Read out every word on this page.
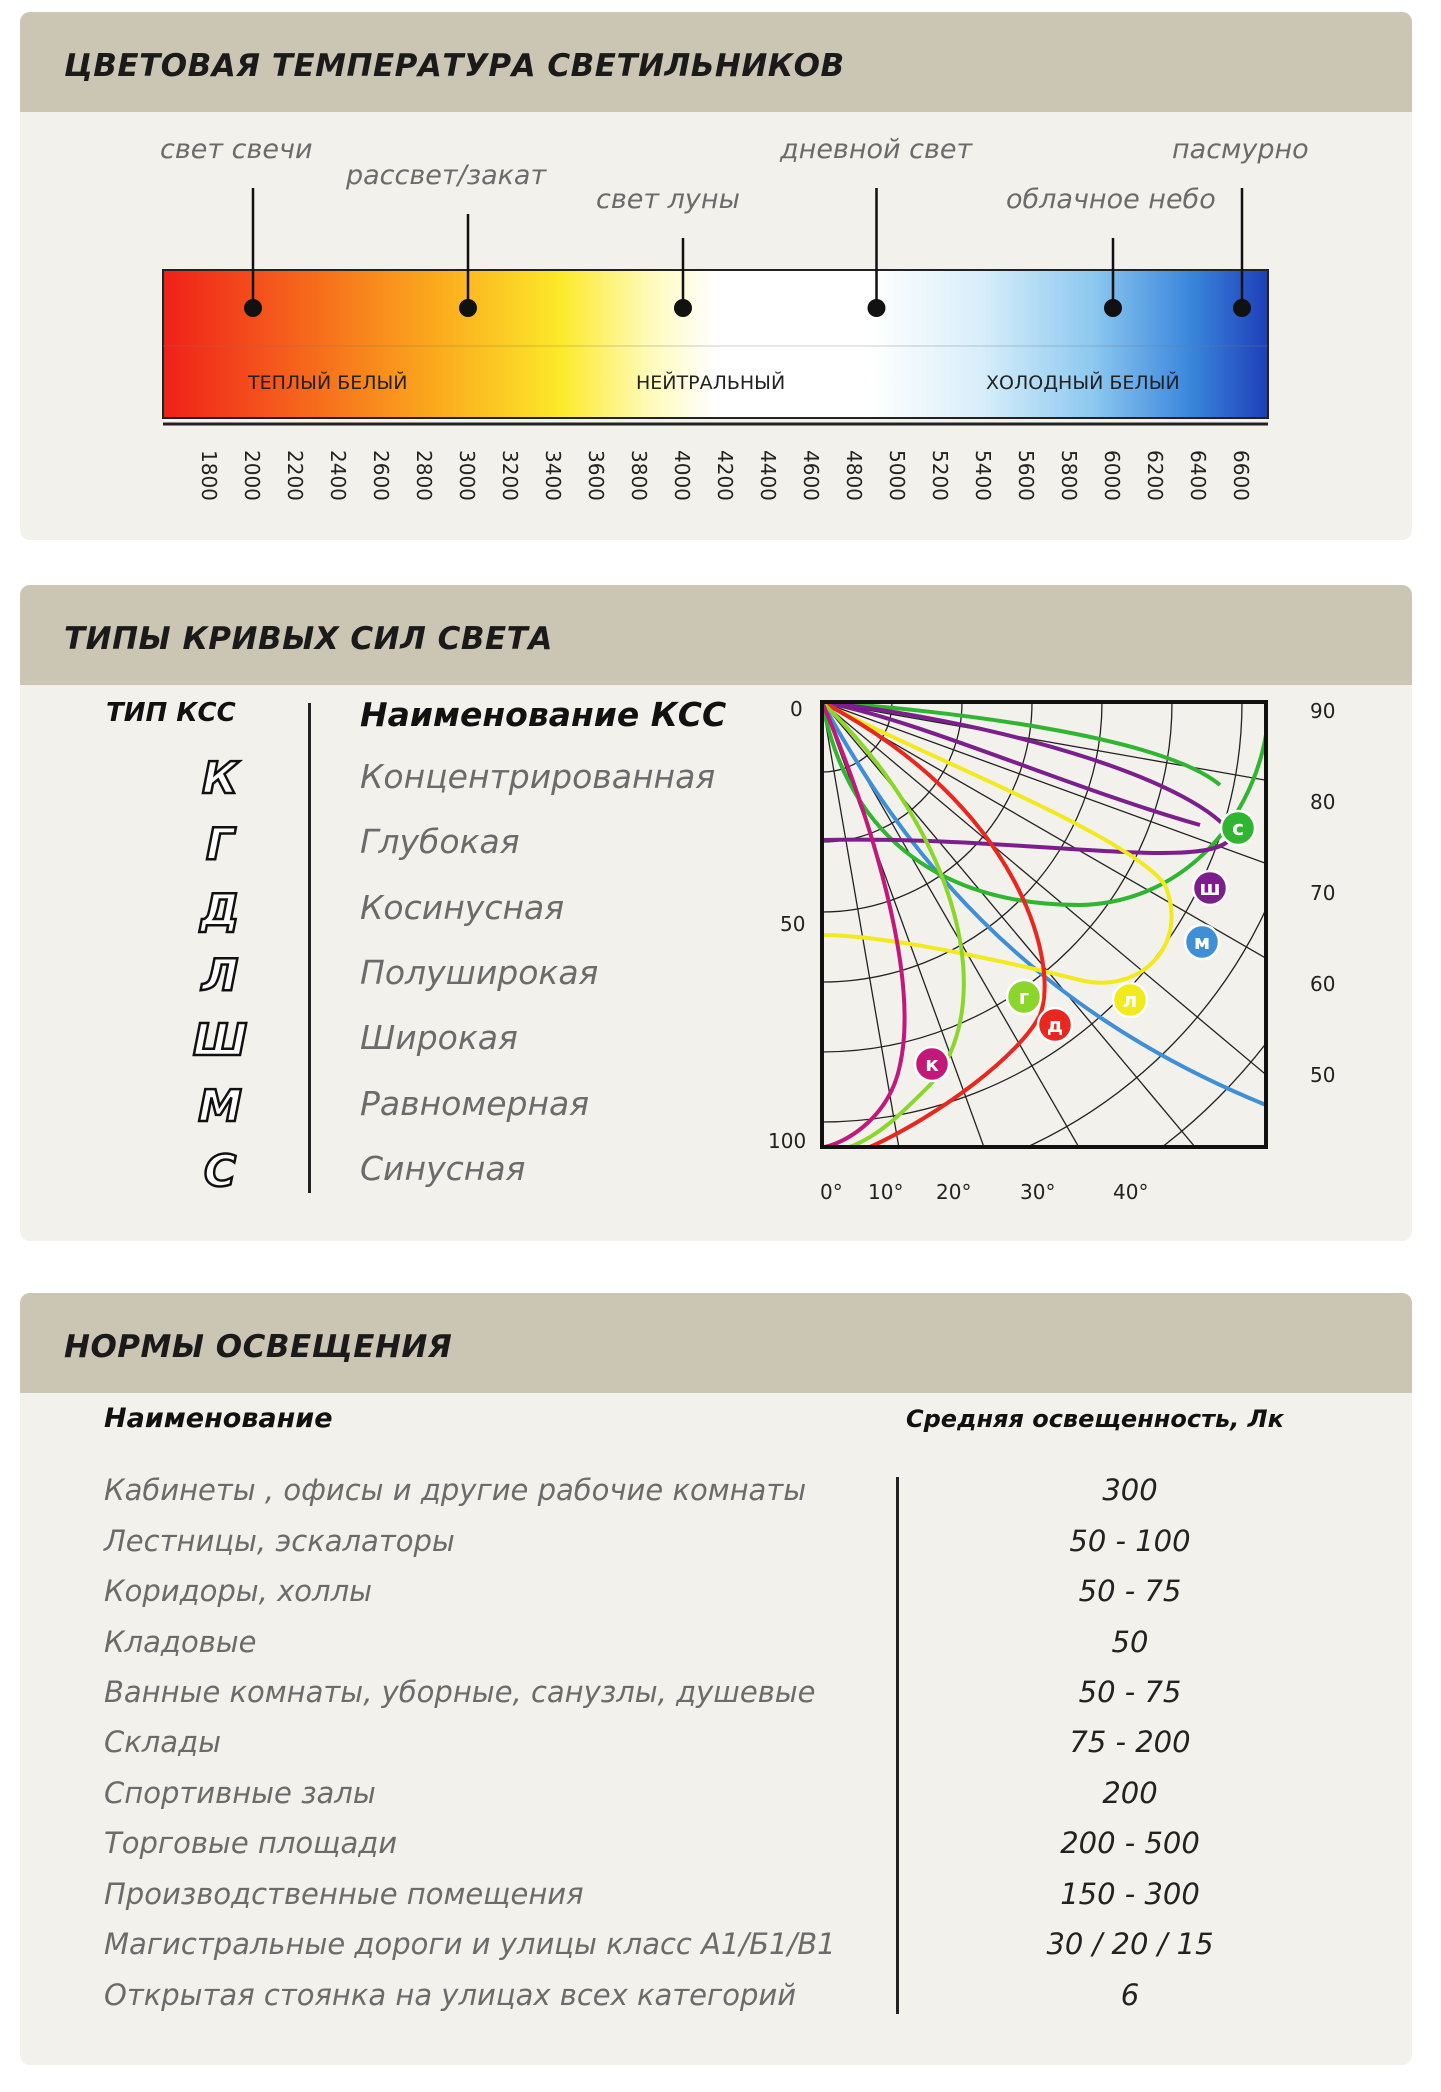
ЦВЕТОВАЯ ТЕМПЕРАТУРА СВЕТИЛЬНИКОВ
свет свечи
рассвет/закат
свет луны
дневной свет
облачное небо
пасмурно
ТЕПЛЫЙ БЕЛЫЙ	НЕЙТРАЛЬНЫЙ	ХОЛОДНЫЙ БЕЛЫЙ
1800 2000 2200 2400 2600 2800 3000 3200 3400 3600 3800 4000 4200 4400 4600 4800 5000 5200 5400 5600 5800 6000 6200 6400 6600
ТИПЫ КРИВЫХ СИЛ СВЕТА
ТИП КСС	Наименование КСС
К	Концентрированная
Г	Глубокая
Д	Косинусная
Л	Полуширокая
Ш	Широкая
М	Равномерная
С	Синусная
к
г
д
л
ш
м
с
0
50
100
90
80
70
60
50
0° 10° 20° 30°	40°
НОРМЫ ОСВЕЩЕНИЯ
Наименование	Средняя освещенность, Лк
Кабинеты , офисы и другие рабочие комнаты	300
Лестницы, эскалаторы	50 - 100
Коридоры, холлы	50 - 75
Кладовые	50
Ванные комнаты, уборные, санузлы, душевые	50 - 75
Склады	75 - 200
Спортивные залы	200
Торговые площади	200 - 500
Производственные помещения	150 - 300
Магистральные дороги и улицы класс А1/Б1/В1	30 / 20 / 15
Открытая стоянка на улицах всех категорий	6
